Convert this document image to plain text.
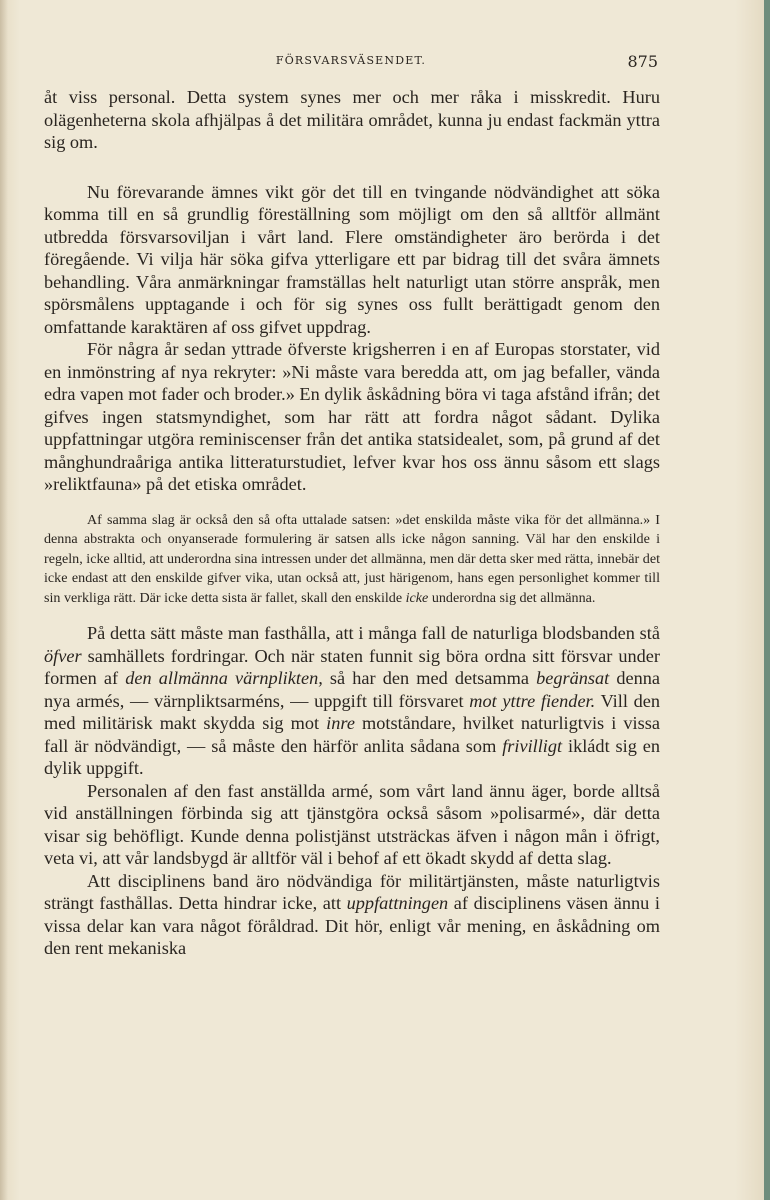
FÖRSVARSVÄSENDET.	875

åt viss personal. Detta system synes mer och mer råka i misskredit. Huru olägenheterna skola afhjälpas å det militära området, kunna ju endast fackmän yttra sig om.

Nu förevarande ämnes vikt gör det till en tvingande nödvändighet att söka komma till en så grundlig föreställning som möjligt om den så alltför allmänt utbredda försvarsoviljan i vårt land. Flere omständigheter äro berörda i det föregående. Vi vilja här söka gifva ytterligare ett par bidrag till det svåra ämnets behandling. Våra anmärkningar framställas helt naturligt utan större anspråk, men spörsmålens upptagande i och för sig synes oss fullt berättigadt genom den omfattande karaktären af oss gifvet uppdrag.

För några år sedan yttrade öfverste krigsherren i en af Europas storstater, vid en inmönstring af nya rekryter: »Ni måste vara beredda att, om jag befaller, vända edra vapen mot fader och broder.» En dylik åskådning böra vi taga afstånd ifrån; det gifves ingen statsmyndighet, som har rätt att fordra något sådant. Dylika uppfattningar utgöra reminiscenser från det antika statsidealet, som, på grund af det månghundraåriga antika litteraturstudiet, lefver kvar hos oss ännu såsom ett slags »reliktfauna» på det etiska området.

Af samma slag är också den så ofta uttalade satsen: »det enskilda måste vika för det allmänna.» I denna abstrakta och onyanserade formulering är satsen alls icke någon sanning. Väl har den enskilde i regeln, icke alltid, att underordna sina intressen under det allmänna, men där detta sker med rätta, innebär det icke endast att den enskilde gifver vika, utan också att, just härigenom, hans egen personlighet kommer till sin verkliga rätt. Där icke detta sista är fallet, skall den enskilde icke underordna sig det allmänna.

På detta sätt måste man fasthålla, att i många fall de naturliga blodsbanden stå öfver samhällets fordringar. Och när staten funnit sig böra ordna sitt försvar under formen af den allmänna värnplikten, så har den med detsamma begränsat denna nya armés, — värnpliktsarméns, — uppgift till försvaret mot yttre fiender. Vill den med militärisk makt skydda sig mot inre motståndare, hvilket naturligtvis i vissa fall är nödvändigt, — så måste den härför anlita sådana som frivilligt ikládt sig en dylik uppgift.

Personalen af den fast anställda armé, som vårt land ännu äger, borde alltså vid anställningen förbinda sig att tjänstgöra också såsom »polisarmé», där detta visar sig behöfligt. Kunde denna polistjänst utsträckas äfven i någon mån i öfrigt, veta vi, att vår landsbygd är alltför väl i behof af ett ökadt skydd af detta slag.

Att disciplinens band äro nödvändiga för militärtjänsten, måste naturligtvis strängt fasthållas. Detta hindrar icke, att uppfattningen af disciplinens väsen ännu i vissa delar kan vara något föråldrad. Dit hör, enligt vår mening, en åskådning om den rent mekaniska
